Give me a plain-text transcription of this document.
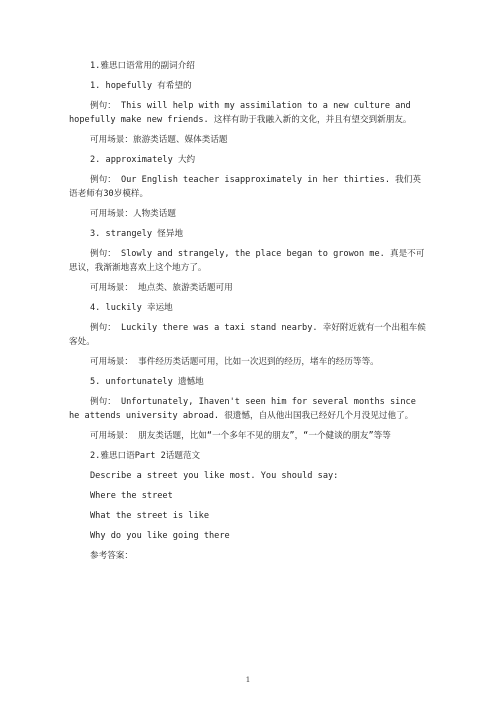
1.雅思口语常用的副词介绍
1. hopefully 有希望的
例句： This will help with my assimilation to a new culture and hopefully make new friends. 这样有助于我融入新的文化，并且有望交到新朋友。
可用场景：旅游类话题、媒体类话题
2. approximately 大约
例句： Our English teacher isapproximately in her thirties. 我们英语老师有30岁模样。
可用场景：人物类话题
3. strangely 怪异地
例句： Slowly and strangely, the place began to growon me. 真是不可思议，我渐渐地喜欢上这个地方了。
可用场景： 地点类、旅游类话题可用
4. luckily 幸运地
例句： Luckily there was a taxi stand nearby. 幸好附近就有一个出租车候客处。
可用场景： 事件经历类话题可用，比如一次迟到的经历，堵车的经历等等。
5. unfortunately 遗憾地
例句： Unfortunately, Ihaven't seen him for several months since he attends university abroad. 很遗憾，自从他出国我已经好几个月没见过他了。
可用场景： 朋友类话题，比如“一个多年不见的朋友”，“一个健谈的朋友”等等
2.雅思口语Part 2话题范文
Describe a street you like most. You should say:
Where the street
What the street is like
Why do you like going there
参考答案：
1
